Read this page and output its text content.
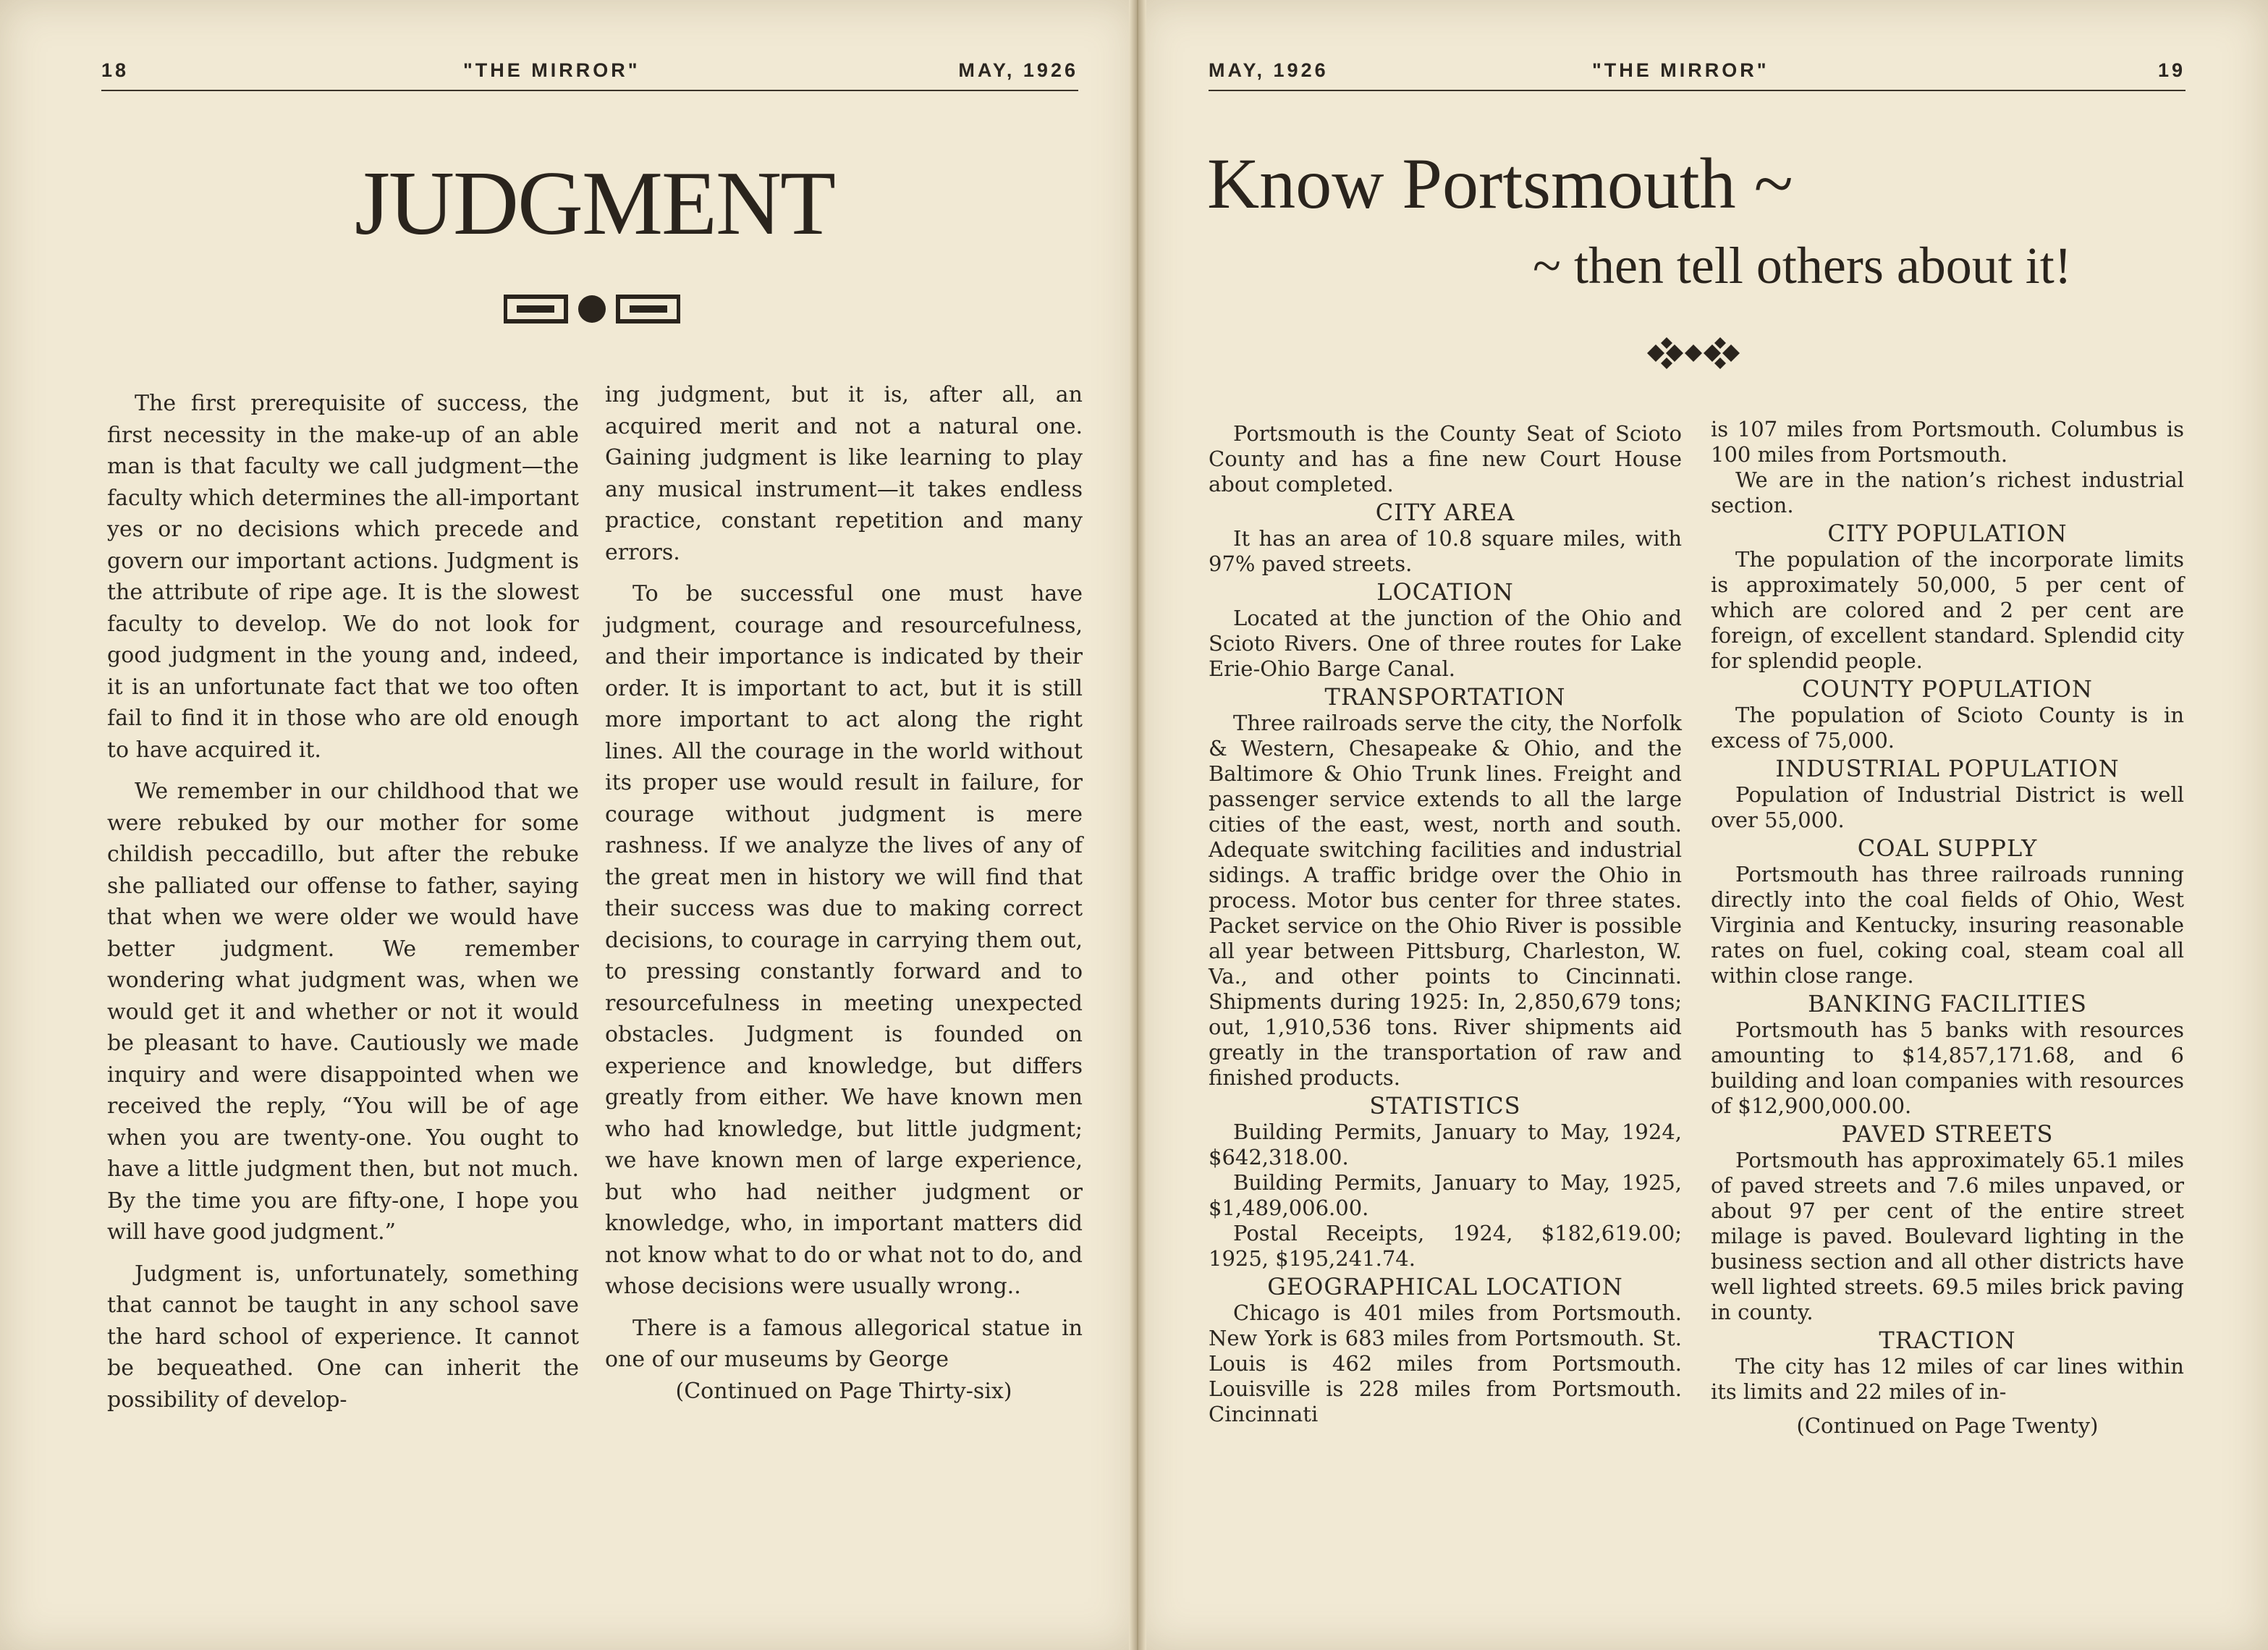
18	"THE MIRROR"	MAY, 1926
JUDGMENT

The first prerequisite of success, the first necessity in the make-up of an able man is that faculty we call judgment—the faculty which determines the all-important yes or no decisions which precede and govern our important actions. Judgment is the attribute of ripe age. It is the slowest faculty to develop. We do not look for good judgment in the young and, indeed, it is an unfortunate fact that we too often fail to find it in those who are old enough to have acquired it.

We remember in our childhood that we were rebuked by our mother for some childish peccadillo, but after the rebuke she palliated our offense to father, saying that when we were older we would have better judgment. We remember wondering what judgment was, when we would get it and whether or not it would be pleasant to have. Cautiously we made inquiry and were disappointed when we received the reply, “You will be of age when you are twenty-one. You ought to have a little judgment then, but not much. By the time you are fifty-one, I hope you will have good judgment.”

Judgment is, unfortunately, something that cannot be taught in any school save the hard school of experience. It cannot be bequeathed. One can inherit the possibility of develop-

ing judgment, but it is, after all, an acquired merit and not a natural one. Gaining judgment is like learning to play any musical instrument—it takes endless practice, constant repetition and many errors.

To be successful one must have judgment, courage and resourcefulness, and their importance is indicated by their order. It is important to act, but it is still more important to act along the right lines. All the courage in the world without its proper use would result in failure, for courage without judgment is mere rashness. If we analyze the lives of any of the great men in history we will find that their success was due to making correct decisions, to courage in carrying them out, to pressing constantly forward and to resourcefulness in meeting unexpected obstacles. Judgment is founded on experience and knowledge, but differs greatly from either. We have known men who had knowledge, but little judgment; we have known men of large experience, but who had neither judgment or knowledge, who, in important matters did not know what to do or what not to do, and whose decisions were usually wrong..

There is a famous allegorical statue in one of our museums by George

(Continued on Page Thirty-six)

MAY, 1926	"THE MIRROR"	19
Know Portsmouth ~
~ then tell others about it!

Portsmouth is the County Seat of Scioto County and has a fine new Court House about completed.

CITY AREA

It has an area of 10.8 square miles, with 97% paved streets.

LOCATION

Located at the junction of the Ohio and Scioto Rivers. One of three routes for Lake Erie-Ohio Barge Canal.

TRANSPORTATION

Three railroads serve the city, the Norfolk & Western, Chesapeake & Ohio, and the Baltimore & Ohio Trunk lines. Freight and passenger service extends to all the large cities of the east, west, north and south. Adequate switching facilities and industrial sidings. A traffic bridge over the Ohio in process. Motor bus center for three states. Packet service on the Ohio River is possible all year between Pittsburg, Charleston, W. Va., and other points to Cincinnati. Shipments during 1925: In, 2,850,679 tons; out, 1,910,536 tons. River shipments aid greatly in the transportation of raw and finished products.

STATISTICS

Building Permits, January to May, 1924, $642,318.00.

Building Permits, January to May, 1925, $1,489,006.00.

Postal Receipts, 1924, $182,619.00; 1925, $195,241.74.

GEOGRAPHICAL LOCATION

Chicago is 401 miles from Portsmouth. New York is 683 miles from Portsmouth. St. Louis is 462 miles from Portsmouth. Louisville is 228 miles from Portsmouth. Cincinnati

is 107 miles from Portsmouth. Columbus is 100 miles from Portsmouth.

We are in the nation’s richest industrial section.

CITY POPULATION

The population of the incorporate limits is approximately 50,000, 5 per cent of which are colored and 2 per cent are foreign, of excellent standard. Splendid city for splendid people.

COUNTY POPULATION

The population of Scioto County is in excess of 75,000.

INDUSTRIAL POPULATION

Population of Industrial District is well over 55,000.

COAL SUPPLY

Portsmouth has three railroads running directly into the coal fields of Ohio, West Virginia and Kentucky, insuring reasonable rates on fuel, coking coal, steam coal all within close range.

BANKING FACILITIES

Portsmouth has 5 banks with resources amounting to $14,857,171.68, and 6 building and loan companies with resources of $12,900,000.00.

PAVED STREETS

Portsmouth has approximately 65.1 miles of paved streets and 7.6 miles unpaved, or about 97 per cent of the entire street milage is paved. Boulevard lighting in the business section and all other districts have well lighted streets. 69.5 miles brick paving in county.

TRACTION

The city has 12 miles of car lines within its limits and 22 miles of in-

(Continued on Page Twenty)
